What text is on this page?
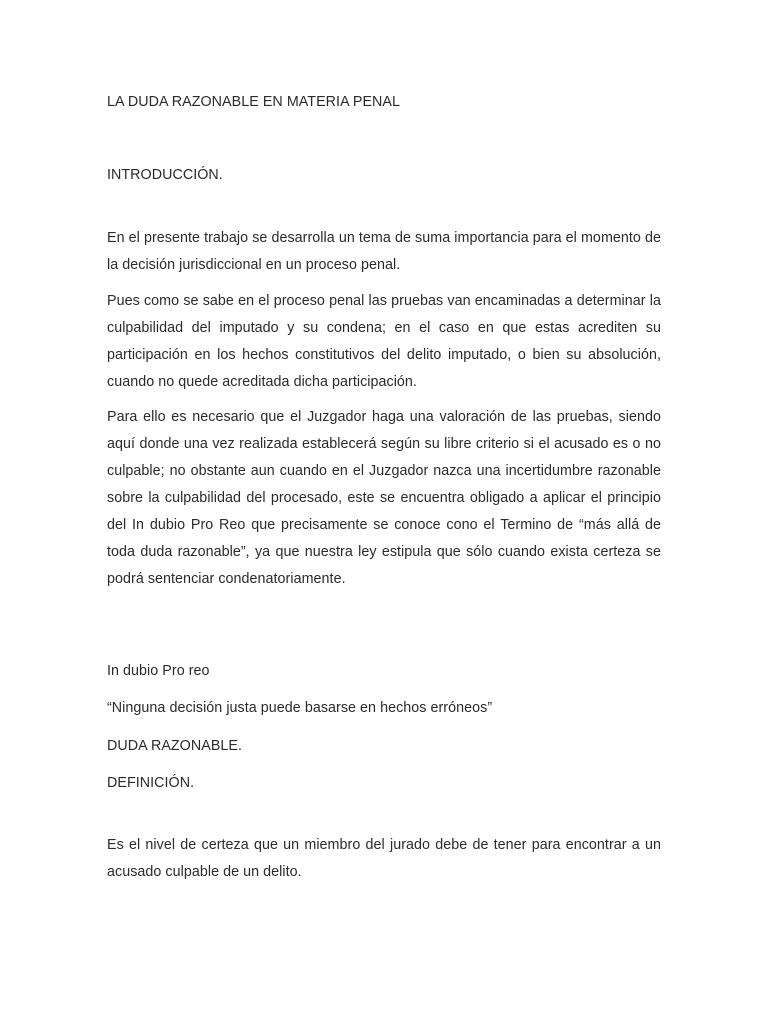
LA DUDA RAZONABLE EN MATERIA PENAL
INTRODUCCIÓN.

En el presente trabajo se desarrolla un tema de suma importancia para el momento de la decisión jurisdiccional en un proceso penal.

Pues como se sabe en el proceso penal las pruebas van encaminadas a determinar la culpabilidad del imputado y su condena; en el caso en que estas acrediten su participación en los hechos constitutivos del delito imputado, o bien su absolución, cuando no quede acreditada dicha participación.

Para ello es necesario que el Juzgador haga una valoración de las pruebas, siendo aquí donde una vez realizada establecerá según su libre criterio si el acusado es o no culpable; no obstante aun cuando en el Juzgador nazca una incertidumbre razonable sobre la culpabilidad del procesado, este se encuentra obligado a aplicar el principio del In dubio Pro Reo que precisamente se conoce cono el Termino de “más allá de toda duda razonable”, ya que nuestra ley estipula que sólo cuando exista certeza se podrá sentenciar condenatoriamente.

In dubio Pro reo
“Ninguna decisión justa puede basarse en hechos erróneos”
DUDA RAZONABLE.
DEFINICIÓN.

Es el nivel de certeza que un miembro del jurado debe de tener para encontrar a un acusado culpable de un delito.
